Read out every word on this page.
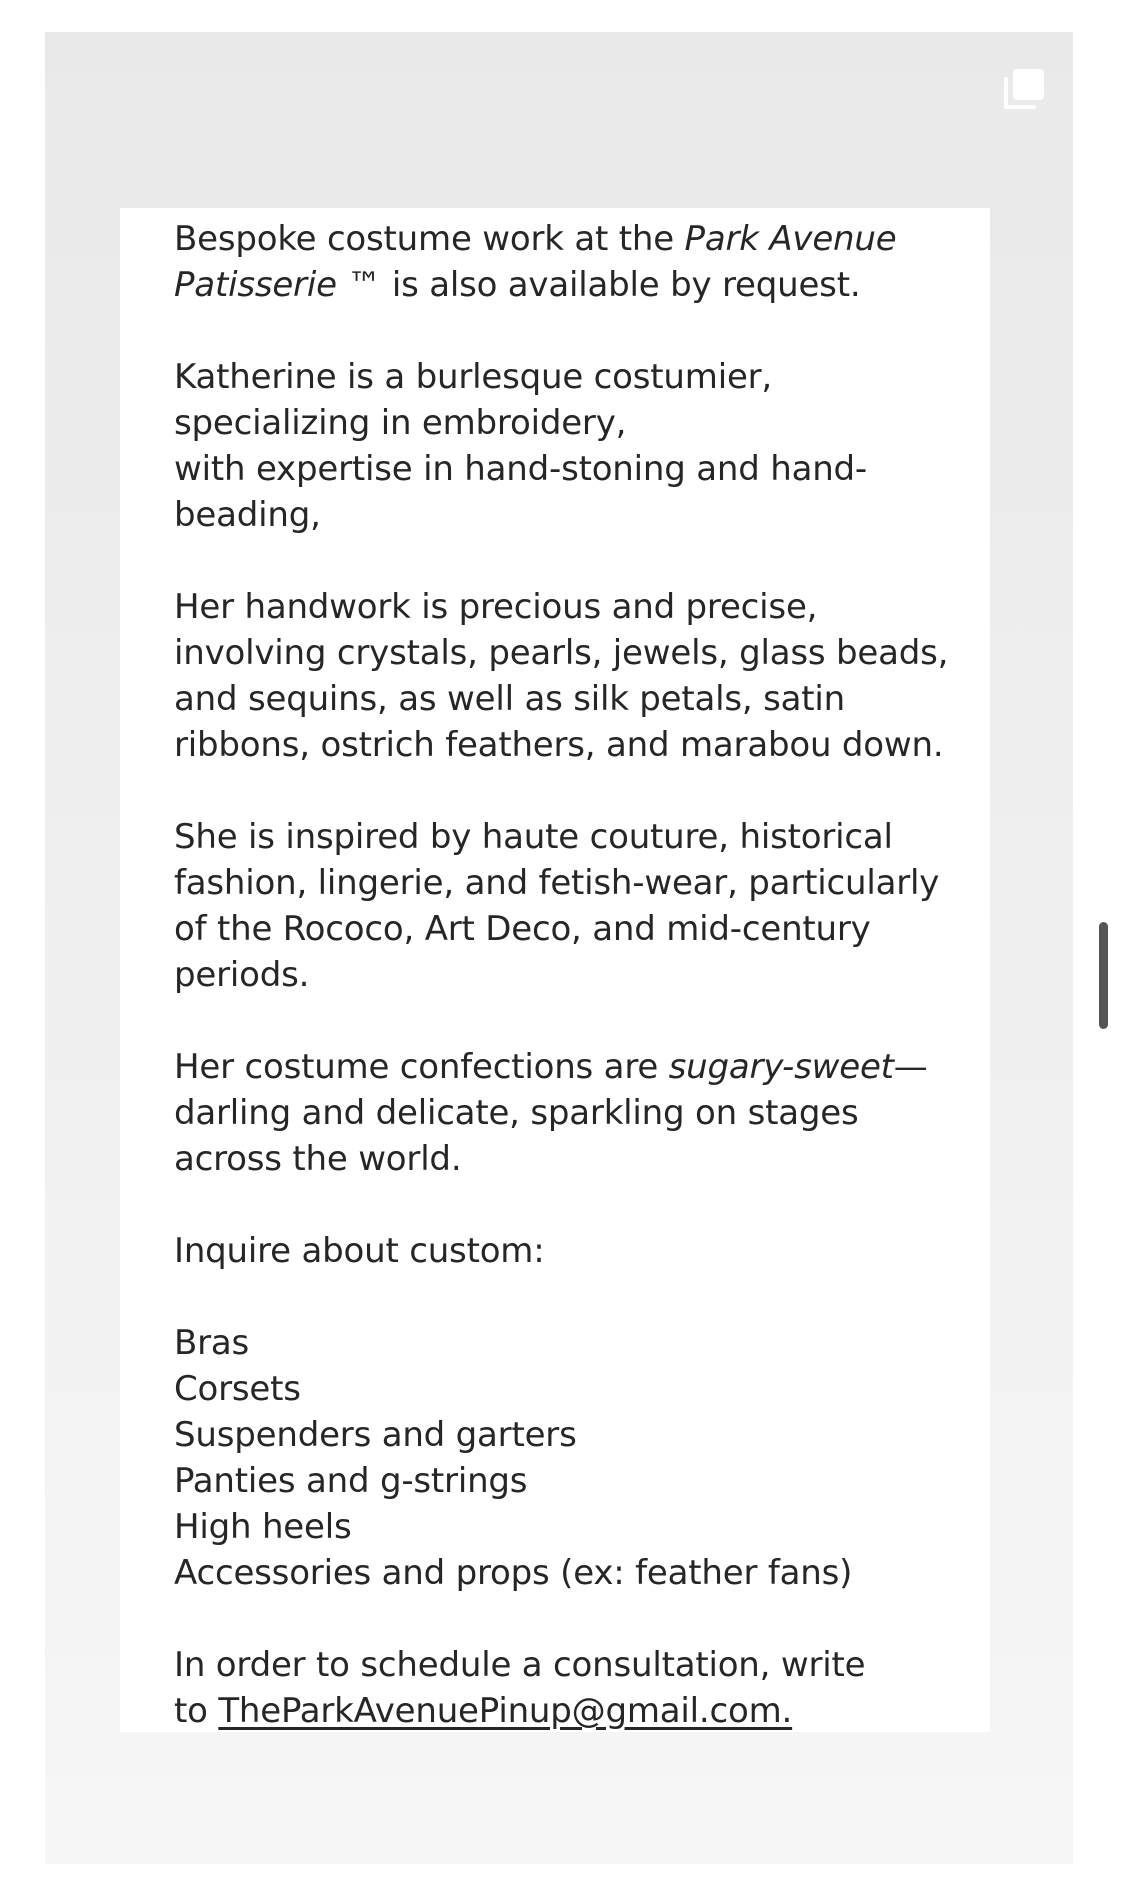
Bespoke costume work at the Park Avenue
Patisserie ™ is also available by request.

Katherine is a burlesque costumier,
specializing in embroidery,
with expertise in hand-stoning and hand-
beading,

Her handwork is precious and precise,
involving crystals, pearls, jewels, glass beads,
and sequins, as well as silk petals, satin
ribbons, ostrich feathers, and marabou down.

She is inspired by haute couture, historical
fashion, lingerie, and fetish-wear, particularly
of the Rococo, Art Deco, and mid-century
periods.

Her costume confections are sugary-sweet—
darling and delicate, sparkling on stages
across the world.

Inquire about custom:

Bras
Corsets
Suspenders and garters
Panties and g-strings
High heels
Accessories and props (ex: feather fans)

In order to schedule a consultation, write
to TheParkAvenuePinup@gmail.com.
